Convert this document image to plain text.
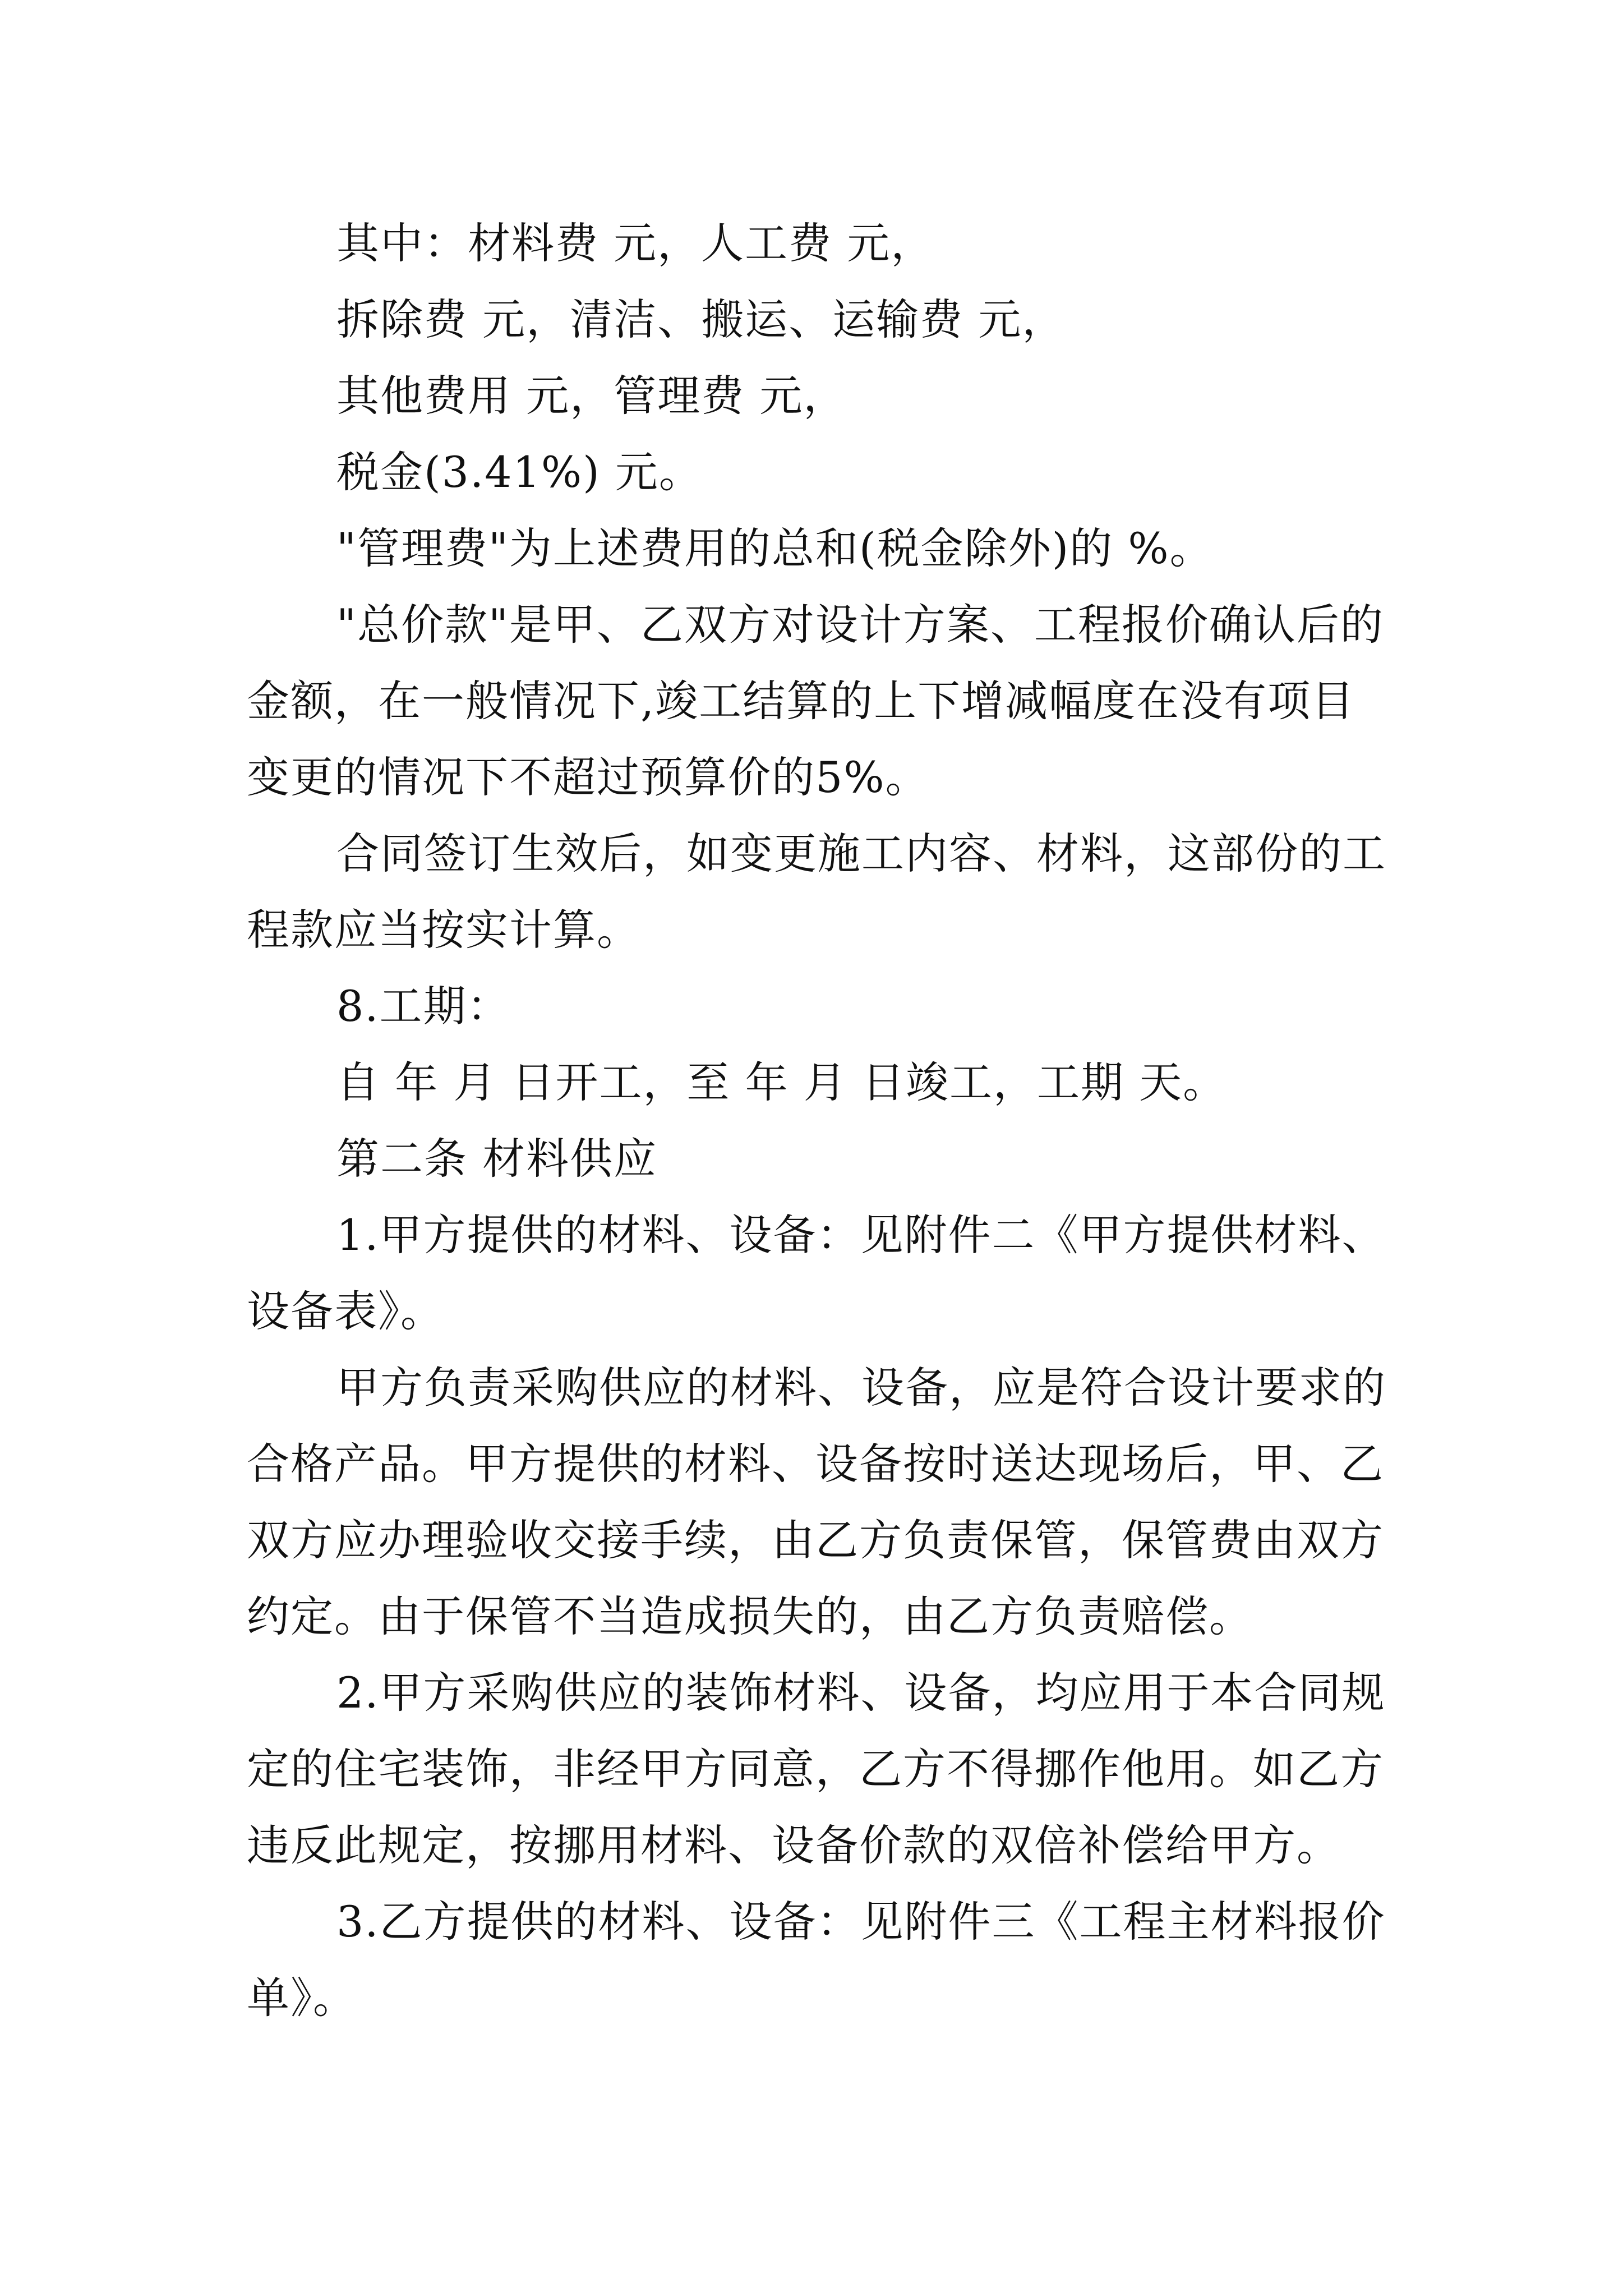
其中：材料费 元，人工费 元，
拆除费 元，清洁、搬运、运输费 元，
其他费用 元，管理费 元，
税金(3.41%) 元。
"管理费"为上述费用的总和(税金除外)的 %。
"总价款"是甲、乙双方对设计方案、工程报价确认后的
金额，在一般情况下,竣工结算的上下增减幅度在没有项目
变更的情况下不超过预算价的5%。
合同签订生效后，如变更施工内容、材料，这部份的工
程款应当按实计算。
8.工期：
自 年 月 日开工，至 年 月 日竣工，工期 天。
第二条 材料供应
1.甲方提供的材料、设备：见附件二《甲方提供材料、
设备表》。
甲方负责采购供应的材料、设备，应是符合设计要求的
合格产品。甲方提供的材料、设备按时送达现场后，甲、乙
双方应办理验收交接手续，由乙方负责保管，保管费由双方
约定。由于保管不当造成损失的，由乙方负责赔偿。
2.甲方采购供应的装饰材料、设备，均应用于本合同规
定的住宅装饰，非经甲方同意，乙方不得挪作他用。如乙方
违反此规定，按挪用材料、设备价款的双倍补偿给甲方。
3.乙方提供的材料、设备：见附件三《工程主材料报价
单》。
